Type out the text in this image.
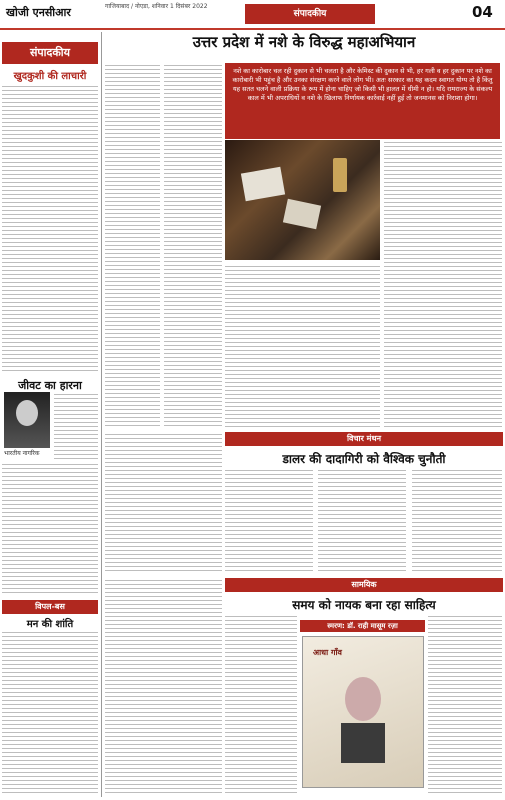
खोजी एनसीआर	गाजियाबाद / नोएडा, शनिवार 1 दिसंबर 2022
संपादकीय	04
संपादकीय
खुदकुशी की लाचारी
जीवट का हारना
भारतीय नागरिक
विपल-बस
मन की शांति
उत्तर प्रदेश में नशे के विरुद्ध महाअभियान
नशे का कारोबार चल रही दुकान से भी चलता है और केमिस्ट की दुकान से भी, हर गली व हर दुकान पर नशे का कारोबारी भी पहुंच है और उनका संरक्षण करने वाले लोग भी। अतः सरकार का यह कदम स्वागत योग्य तो है किंतु यह सतत चलने वाली प्रक्रिया के रूप में होना चाहिए जो किसी भी हालत में धीमी न हो। यदि रामराज्य के संकल्प काल में भी अपराधियों व नशे के खिलाफ निर्णायक कार्रवाई नहीं हुई तो जनमानस को निराशा होगा।
विचार मंथन
डालर की दादागिरी को वैश्विक चुनौती
सामयिक
समय को नायक बना रहा साहित्य
स्मरण: डॉ. राही मासूम रज़ा
आधा गाँव
